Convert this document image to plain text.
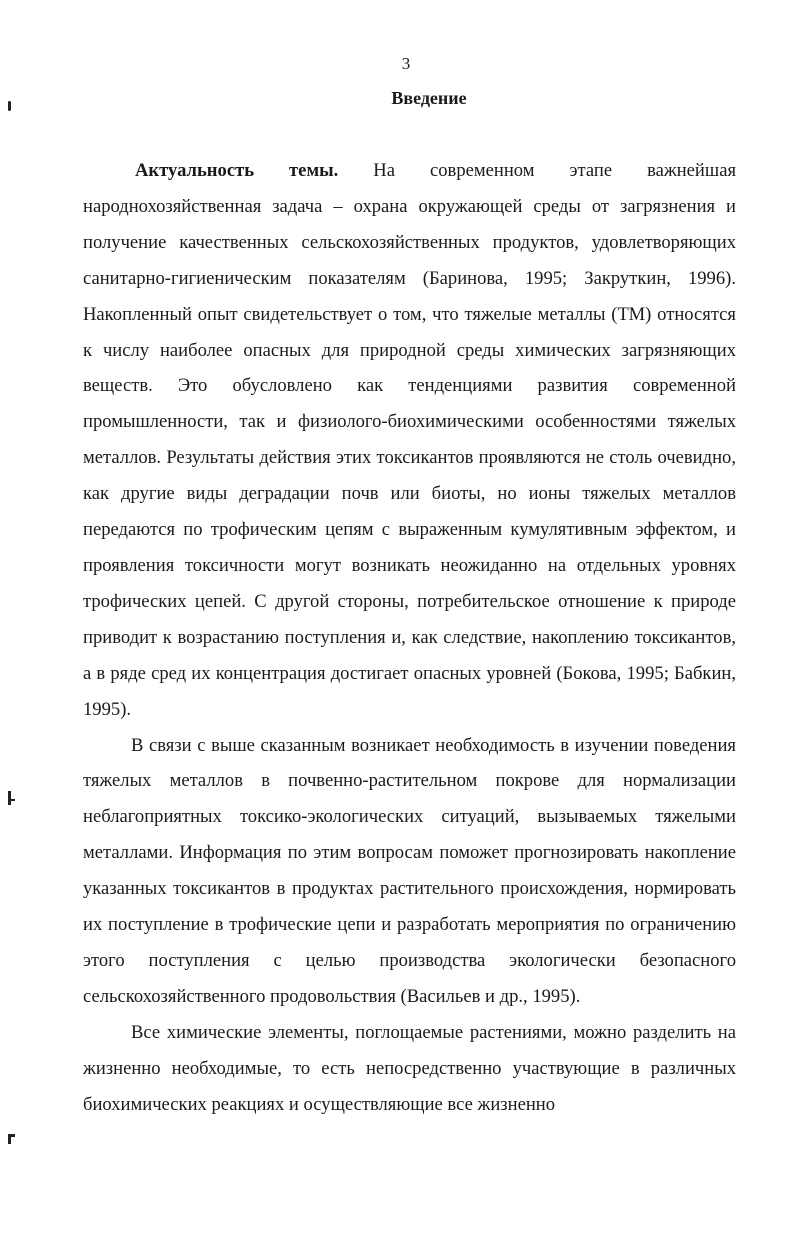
3
Введение

Актуальность темы. На современном этапе важнейшая народнохозяйственная задача – охрана окружающей среды от загрязнения и получение качественных сельскохозяйственных продуктов, удовлетворяющих санитарно-гигиеническим показателям (Баринова, 1995; Закруткин, 1996). Накопленный опыт свидетельствует о том, что тяжелые металлы (ТМ) относятся к числу наиболее опасных для природной среды химических загрязняющих веществ. Это обусловлено как тенденциями развития современной промышленности, так и физиолого-биохимическими особенностями тяжелых металлов. Результаты действия этих токсикантов проявляются не столь очевидно, как другие виды деградации почв или биоты, но ионы тяжелых металлов передаются по трофическим цепям с выраженным кумулятивным эффектом, и проявления токсичности могут возникать неожиданно на отдельных уровнях трофических цепей. С другой стороны, потребительское отношение к природе приводит к возрастанию поступления и, как следствие, накоплению токсикантов, а в ряде сред их концентрация достигает опасных уровней (Бокова, 1995; Бабкин, 1995).

В связи с выше сказанным возникает необходимость в изучении поведения тяжелых металлов в почвенно-растительном покрове для нормализации неблагоприятных токсико-экологических ситуаций, вызываемых тяжелыми металлами. Информация по этим вопросам поможет прогнозировать накопление указанных токсикантов в продуктах растительного происхождения, нормировать их поступление в трофические цепи и разработать мероприятия по ограничению этого поступления с целью производства экологически безопасного сельскохозяйственного продовольствия (Васильев и др., 1995).

Все химические элементы, поглощаемые растениями, можно разделить на жизненно необходимые, то есть непосредственно участвующие в различных биохимических реакциях и осуществляющие все жизненно
